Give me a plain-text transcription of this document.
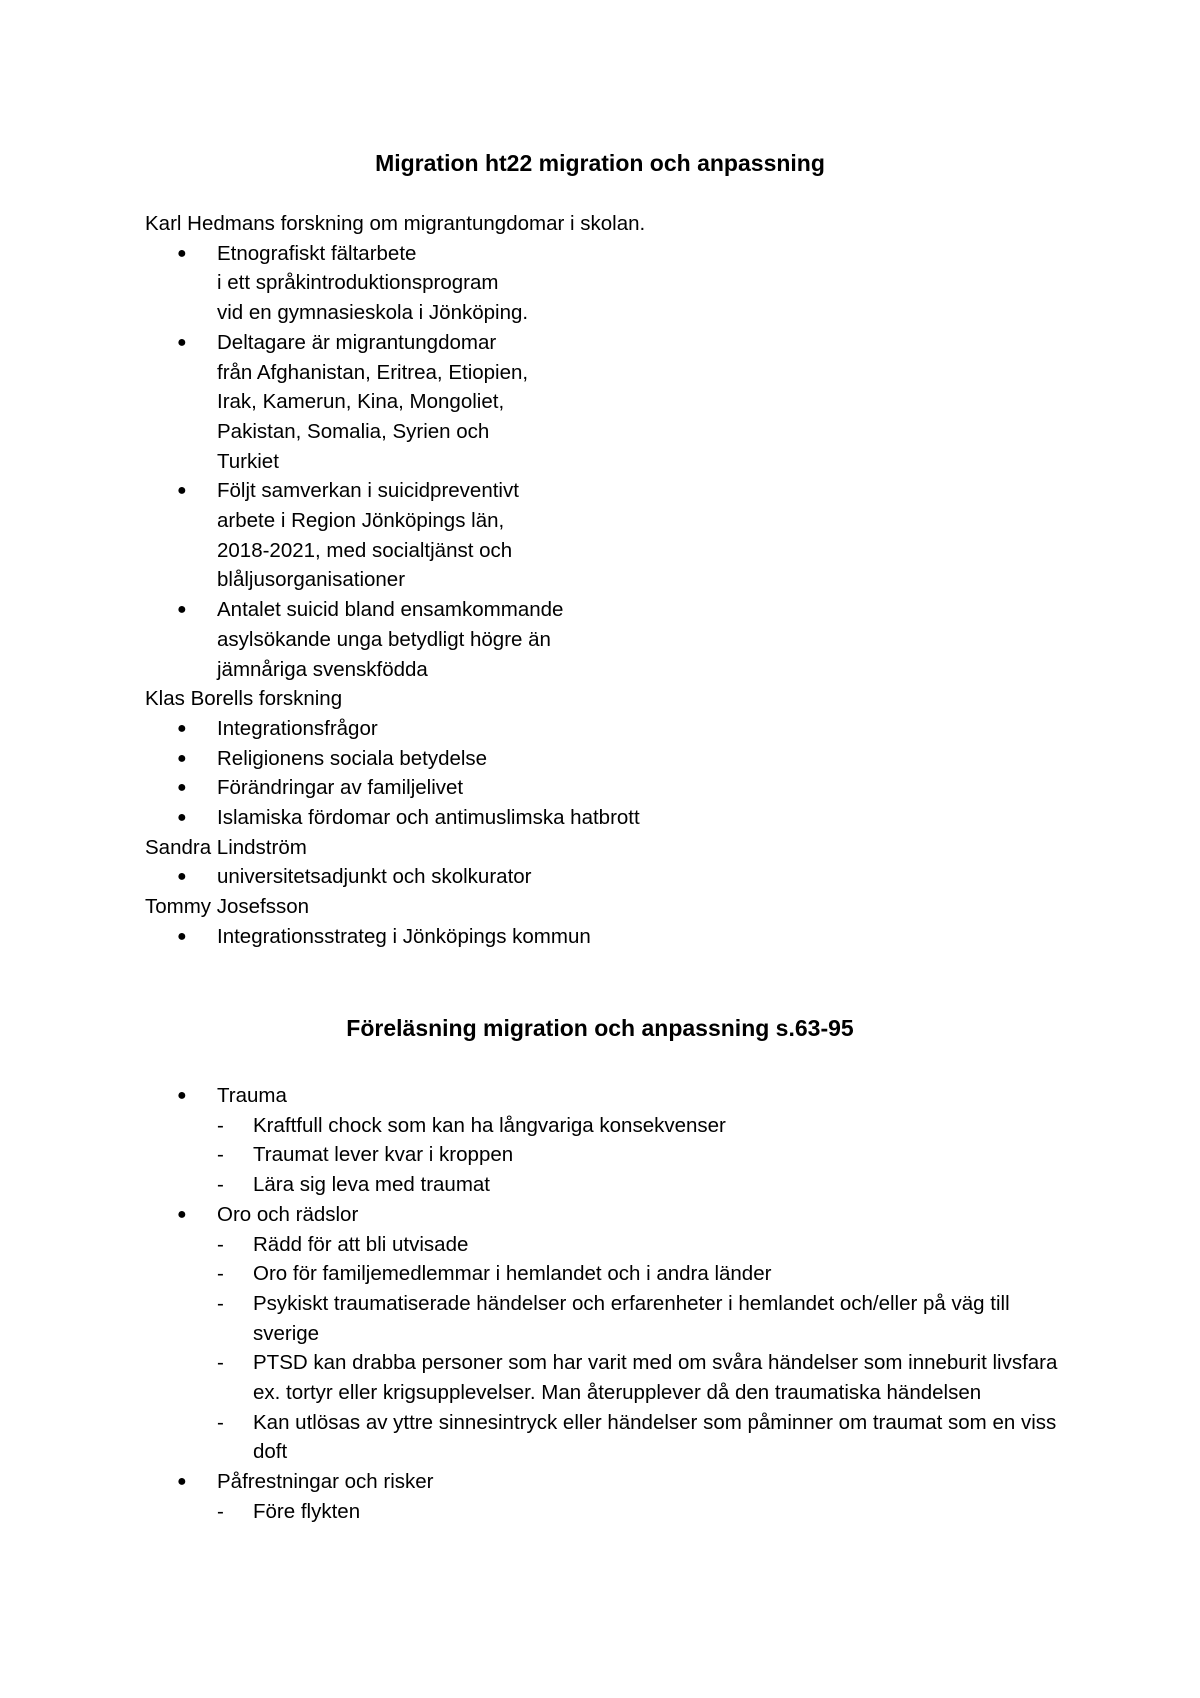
Migration ht22 migration och anpassning

Karl Hedmans forskning om migrantungdomar i skolan.

● Etnografiskt fältarbete
i ett språkintroduktionsprogram
vid en gymnasieskola i Jönköping.
● Deltagare är migrantungdomar
från Afghanistan, Eritrea, Etiopien,
Irak, Kamerun, Kina, Mongoliet,
Pakistan, Somalia, Syrien och
Turkiet
● Följt samverkan i suicidpreventivt
arbete i Region Jönköpings län,
2018-2021, med socialtjänst och
blåljusorganisationer
● Antalet suicid bland ensamkommande
asylsökande unga betydligt högre än
jämnåriga svenskfödda

Klas Borells forskning

● Integrationsfrågor
● Religionens sociala betydelse
● Förändringar av familjelivet
● Islamiska fördomar och antimuslimska hatbrott

Sandra Lindström

● universitetsadjunkt och skolkurator

Tommy Josefsson

● Integrationsstrateg i Jönköpings kommun
Föreläsning migration och anpassning s.63-95
● Trauma
- Kraftfull chock som kan ha långvariga konsekvenser
- Traumat lever kvar i kroppen
- Lära sig leva med traumat
● Oro och rädslor
- Rädd för att bli utvisade
- Oro för familjemedlemmar i hemlandet och i andra länder
- Psykiskt traumatiserade händelser och erfarenheter i hemlandet och/eller på väg till sverige
- PTSD kan drabba personer som har varit med om svåra händelser som inneburit livsfara ex. tortyr eller krigsupplevelser. Man återupplever då den traumatiska händelsen
- Kan utlösas av yttre sinnesintryck eller händelser som påminner om traumat som en viss doft
● Påfrestningar och risker
- Före flykten
